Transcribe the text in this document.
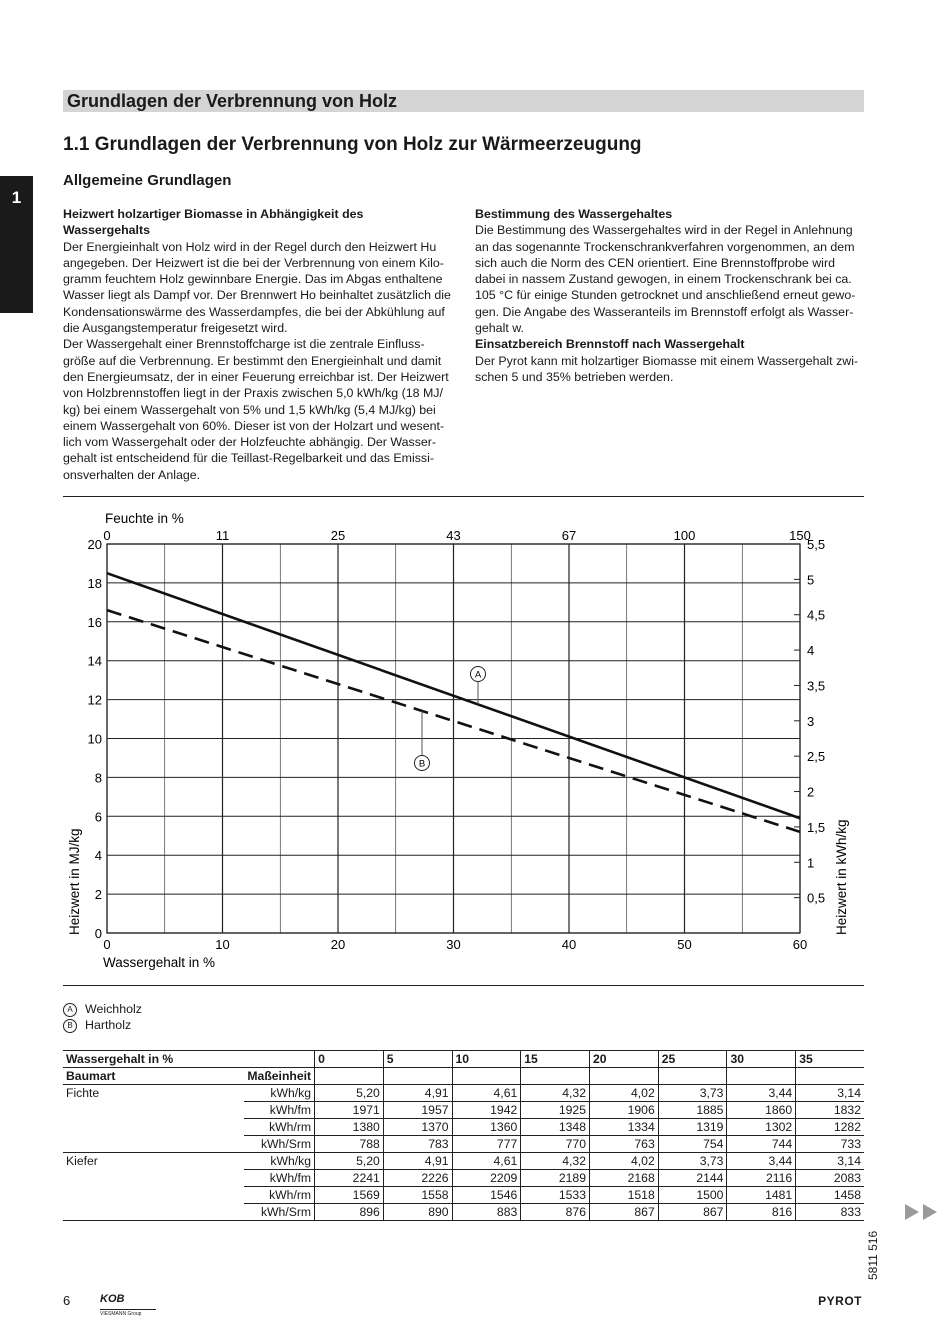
1
Grundlagen der Verbrennung von Holz
1.1 Grundlagen der Verbrennung von Holz zur Wärmeerzeugung
Allgemeine Grundlagen

Heizwert holzartiger Biomasse in Abhängigkeit des Wassergehalts

Der Energieinhalt von Holz wird in der Regel durch den Heizwert Hu

angegeben. Der Heizwert ist die bei der Verbrennung von einem Kilo-

gramm feuchtem Holz gewinnbare Energie. Das im Abgas enthaltene

Wasser liegt als Dampf vor. Der Brennwert Ho beinhaltet zusätzlich die

Kondensationswärme des Wasserdampfes, die bei der Abkühlung auf

die Ausgangstemperatur freigesetzt wird.

Der Wassergehalt einer Brennstoffcharge ist die zentrale Einfluss-

größe auf die Verbrennung. Er bestimmt den Energieinhalt und damit

den Energieumsatz, der in einer Feuerung erreichbar ist. Der Heizwert

von Holzbrennstoffen liegt in der Praxis zwischen 5,0 kWh/kg (18 MJ/

kg) bei einem Wassergehalt von 5% und 1,5 kWh/kg (5,4 MJ/kg) bei

einem Wassergehalt von 60%. Dieser ist von der Holzart und wesent-

lich vom Wassergehalt oder der Holzfeuchte abhängig. Der Wasser-

gehalt ist entscheidend für die Teillast-Regelbarkeit und das Emissi-

onsverhalten der Anlage.

Bestimmung des Wassergehaltes

Die Bestimmung des Wassergehaltes wird in der Regel in Anlehnung

an das sogenannte Trockenschrankverfahren vorgenommen, an dem

sich auch die Norm des CEN orientiert. Eine Brennstoffprobe wird

dabei in nassem Zustand gewogen, in einem Trockenschrank bei ca.

105 °C für einige Stunden getrocknet und anschließend erneut gewo-

gen. Die Angabe des Wasseranteils im Brennstoff erfolgt als Wasser-

gehalt w.

Einsatzbereich Brennstoff nach Wassergehalt

Der Pyrot kann mit holzartiger Biomasse mit einem Wassergehalt zwi-

schen 5 und 35% betrieben werden.

0	10	20	30	40	50	60
0	11	25	43	67	100	150
0
2
4
6
8
10
12
14
16
18
20
0,5
1
1,5
2
2,5
3
3,5
4
4,5
5
5,5
Feuchte in %
Wassergehalt in %
Heizwert in MJ/kg	Heizwert in kWh/kg
A
B
A Weichholz
B Hartholz
Wassergehalt in %		0	5	10	15	20	25	30	35
Baumart	Maßeinheit								
Fichte	kWh/kg	5,20	4,91	4,61	4,32	4,02	3,73	3,44	3,14
	kWh/fm	1971	1957	1942	1925	1906	1885	1860	1832
	kWh/rm	1380	1370	1360	1348	1334	1319	1302	1282
	kWh/Srm	788	783	777	770	763	754	744	733
Kiefer	kWh/kg	5,20	4,91	4,61	4,32	4,02	3,73	3,44	3,14
	kWh/fm	2241	2226	2209	2189	2168	2144	2116	2083
	kWh/rm	1569	1558	1546	1533	1518	1500	1481	1458
	kWh/Srm	896	890	883	876	867	867	816	833
5811 516
6	KOB
VIESMANN Group
PYROT
